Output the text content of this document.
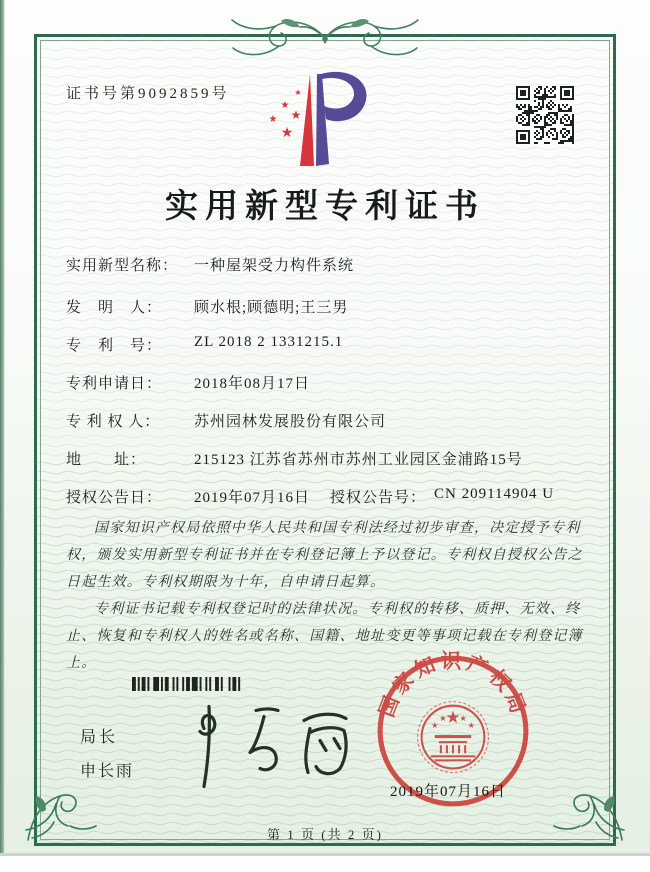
证书号第9092859号	★
★
★
★
★
实用新型专利证书
实用新型名称：	一种屋架受力构件系统
发　明　人：	顾水根;顾德明;王三男
专　利　号：	ZL 2018 2 1331215.1
专利申请日：	2018年08月17日
专 利 权 人：	苏州园林发展股份有限公司
地　　址：	215123 江苏省苏州市苏州工业园区金浦路15号
授权公告日：	2019年07月16日 授权公告号： CN 209114904 U

国家知识产权局依照中华人民共和国专利法经过初步审查，决定授予专利权，颁发实用新型专利证书并在专利登记簿上予以登记。专利权自授权公告之日起生效。专利权期限为十年，自申请日起算。

专利证书记载专利权登记时的法律状况。专利权的转移、质押、无效、终止、恢复和专利权人的姓名或名称、国籍、地址变更等事项记载在专利登记簿上。

局长
申长雨
国家知识产权局
★
★
★ ★
★
2019年07月16日
第 1 页 (共 2 页)
